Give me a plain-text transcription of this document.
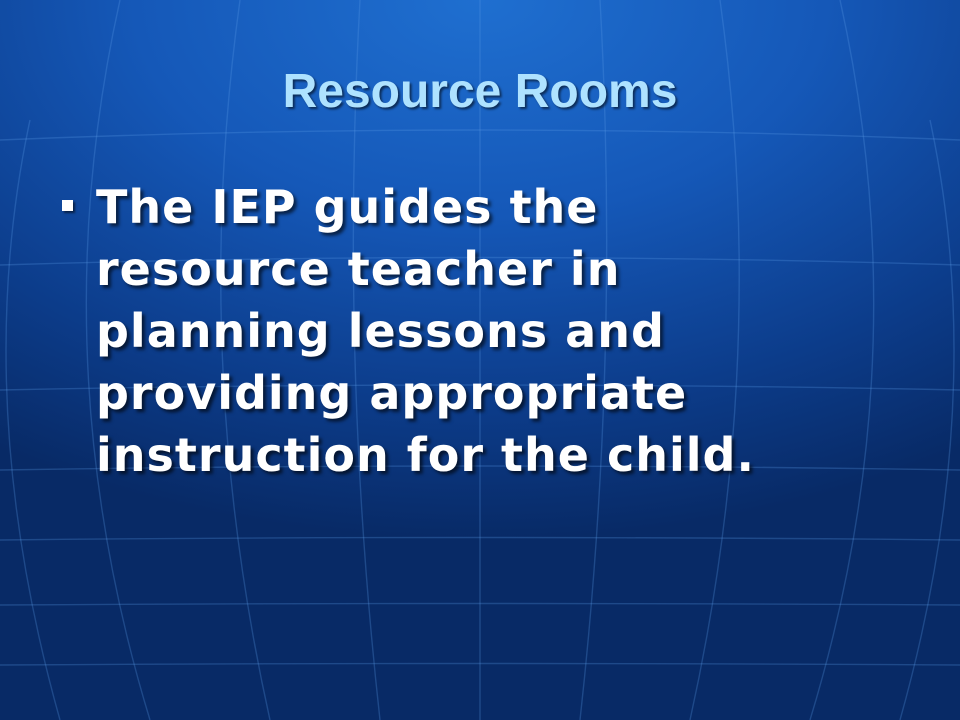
Resource Rooms
The IEP guides the resource teacher in planning lessons and providing appropriate instruction for the child.
